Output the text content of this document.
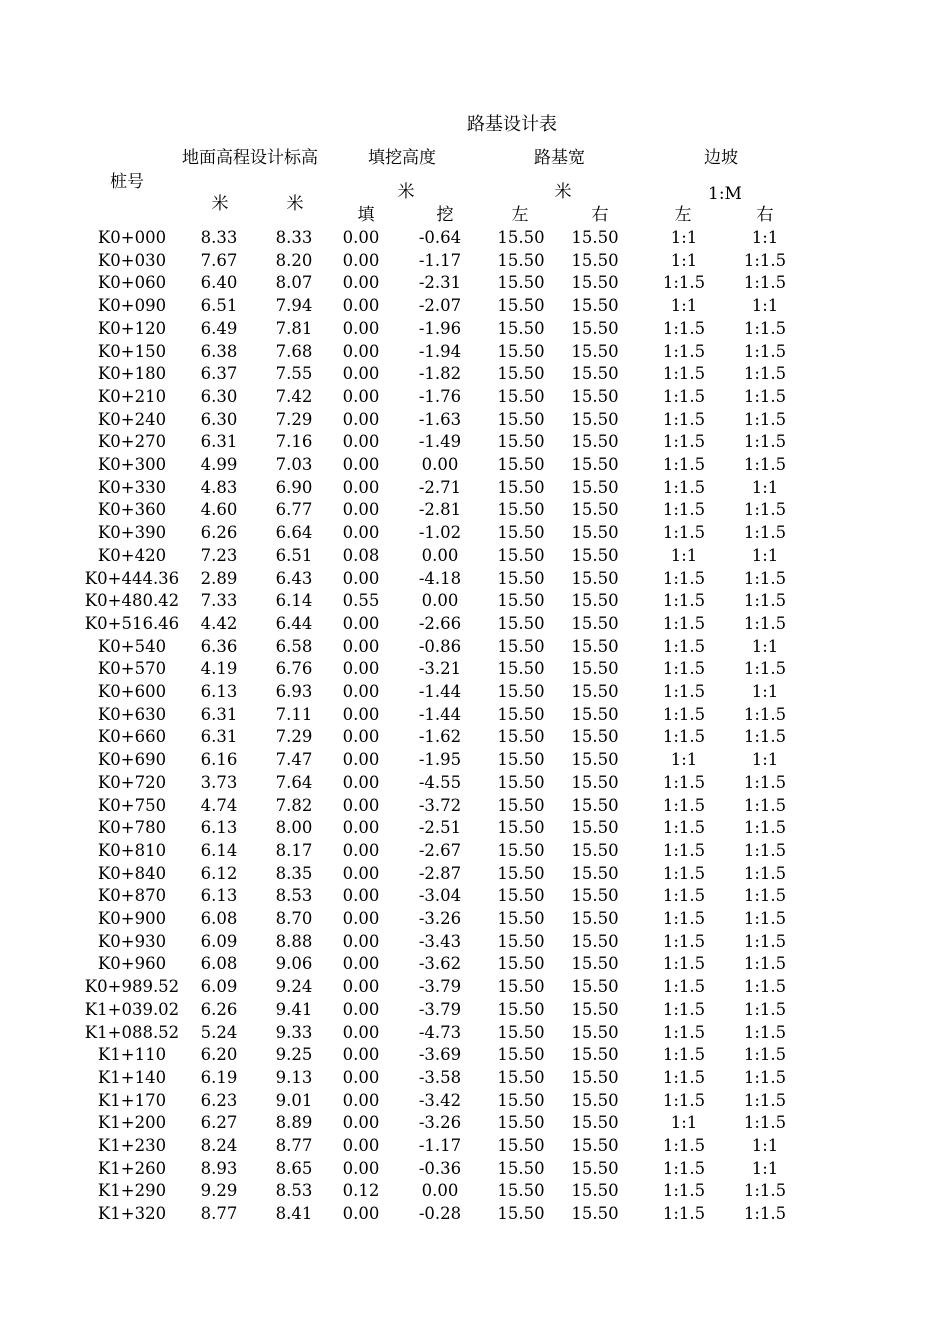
路基设计表
桩号
地面高程设计标高	填挖高度	路基宽	边坡
米	米
米	米	1:M
填	挖	左	右	左	右
K0+000	8.33	8.33	0.00	-0.64	15.50	15.50	1:1	1:1
K0+030	7.67	8.20	0.00	-1.17	15.50	15.50	1:1	1:1.5
K0+060	6.40	8.07	0.00	-2.31	15.50	15.50	1:1.5	1:1.5
K0+090	6.51	7.94	0.00	-2.07	15.50	15.50	1:1	1:1
K0+120	6.49	7.81	0.00	-1.96	15.50	15.50	1:1.5	1:1.5
K0+150	6.38	7.68	0.00	-1.94	15.50	15.50	1:1.5	1:1.5
K0+180	6.37	7.55	0.00	-1.82	15.50	15.50	1:1.5	1:1.5
K0+210	6.30	7.42	0.00	-1.76	15.50	15.50	1:1.5	1:1.5
K0+240	6.30	7.29	0.00	-1.63	15.50	15.50	1:1.5	1:1.5
K0+270	6.31	7.16	0.00	-1.49	15.50	15.50	1:1.5	1:1.5
K0+300	4.99	7.03	0.00	0.00	15.50	15.50	1:1.5	1:1.5
K0+330	4.83	6.90	0.00	-2.71	15.50	15.50	1:1.5	1:1
K0+360	4.60	6.77	0.00	-2.81	15.50	15.50	1:1.5	1:1.5
K0+390	6.26	6.64	0.00	-1.02	15.50	15.50	1:1.5	1:1.5
K0+420	7.23	6.51	0.08	0.00	15.50	15.50	1:1	1:1
K0+444.36	2.89	6.43	0.00	-4.18	15.50	15.50	1:1.5	1:1.5
K0+480.42	7.33	6.14	0.55	0.00	15.50	15.50	1:1.5	1:1.5
K0+516.46	4.42	6.44	0.00	-2.66	15.50	15.50	1:1.5	1:1.5
K0+540	6.36	6.58	0.00	-0.86	15.50	15.50	1:1.5	1:1
K0+570	4.19	6.76	0.00	-3.21	15.50	15.50	1:1.5	1:1.5
K0+600	6.13	6.93	0.00	-1.44	15.50	15.50	1:1.5	1:1
K0+630	6.31	7.11	0.00	-1.44	15.50	15.50	1:1.5	1:1.5
K0+660	6.31	7.29	0.00	-1.62	15.50	15.50	1:1.5	1:1.5
K0+690	6.16	7.47	0.00	-1.95	15.50	15.50	1:1	1:1
K0+720	3.73	7.64	0.00	-4.55	15.50	15.50	1:1.5	1:1.5
K0+750	4.74	7.82	0.00	-3.72	15.50	15.50	1:1.5	1:1.5
K0+780	6.13	8.00	0.00	-2.51	15.50	15.50	1:1.5	1:1.5
K0+810	6.14	8.17	0.00	-2.67	15.50	15.50	1:1.5	1:1.5
K0+840	6.12	8.35	0.00	-2.87	15.50	15.50	1:1.5	1:1.5
K0+870	6.13	8.53	0.00	-3.04	15.50	15.50	1:1.5	1:1.5
K0+900	6.08	8.70	0.00	-3.26	15.50	15.50	1:1.5	1:1.5
K0+930	6.09	8.88	0.00	-3.43	15.50	15.50	1:1.5	1:1.5
K0+960	6.08	9.06	0.00	-3.62	15.50	15.50	1:1.5	1:1.5
K0+989.52	6.09	9.24	0.00	-3.79	15.50	15.50	1:1.5	1:1.5
K1+039.02	6.26	9.41	0.00	-3.79	15.50	15.50	1:1.5	1:1.5
K1+088.52	5.24	9.33	0.00	-4.73	15.50	15.50	1:1.5	1:1.5
K1+110	6.20	9.25	0.00	-3.69	15.50	15.50	1:1.5	1:1.5
K1+140	6.19	9.13	0.00	-3.58	15.50	15.50	1:1.5	1:1.5
K1+170	6.23	9.01	0.00	-3.42	15.50	15.50	1:1.5	1:1.5
K1+200	6.27	8.89	0.00	-3.26	15.50	15.50	1:1	1:1.5
K1+230	8.24	8.77	0.00	-1.17	15.50	15.50	1:1.5	1:1
K1+260	8.93	8.65	0.00	-0.36	15.50	15.50	1:1.5	1:1
K1+290	9.29	8.53	0.12	0.00	15.50	15.50	1:1.5	1:1.5
K1+320	8.77	8.41	0.00	-0.28	15.50	15.50	1:1.5	1:1.5
